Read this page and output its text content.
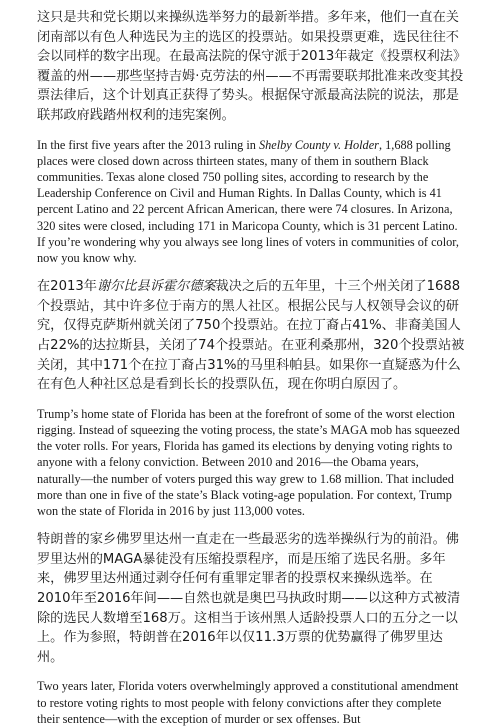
这只是共和党长期以来操纵选举努力的最新举措。多年来，他们一直在关闭南部以有色人种选民为主的选区的投票站。如果投票更难，选民往往不会以同样的数字出现。在最高法院的保守派于2013年裁定《投票权利法》覆盖的州——那些坚持吉姆·克劳法的州——不再需要联邦批准来改变其投票法律后，这个计划真正获得了势头。根据保守派最高法院的说法，那是联邦政府践踏州权利的违宪案例。

In the first five years after the 2013 ruling in Shelby County v. Holder, 1,688 polling places were closed down across thirteen states, many of them in southern Black communities. Texas alone closed 750 polling sites, according to research by the Leadership Conference on Civil and Human Rights. In Dallas County, which is 41 percent Latino and 22 percent African American, there were 74 closures. In Arizona, 320 sites were closed, including 171 in Maricopa County, which is 31 percent Latino. If you’re wondering why you always see long lines of voters in communities of color, now you know why.

在2013年谢尔比县诉霍尔德案裁决之后的五年里，十三个州关闭了1688个投票站，其中许多位于南方的黑人社区。根据公民与人权领导会议的研究，仅得克萨斯州就关闭了750个投票站。在拉丁裔占41%、非裔美国人占22%的达拉斯县，关闭了74个投票站。在亚利桑那州，320个投票站被关闭，其中171个在拉丁裔占31%的马里科帕县。如果你一直疑惑为什么在有色人种社区总是看到长长的投票队伍，现在你明白原因了。

Trump’s home state of Florida has been at the forefront of some of the worst election rigging. Instead of squeezing the voting process, the state’s MAGA mob has squeezed the voter rolls. For years, Florida has gamed its elections by denying voting rights to anyone with a felony conviction. Between 2010 and 2016—the Obama years, naturally—the number of voters purged this way grew to 1.68 million. That included more than one in five of the state’s Black voting-age population. For context, Trump won the state of Florida in 2016 by just 113,000 votes.

特朗普的家乡佛罗里达州一直走在一些最恶劣的选举操纵行为的前沿。佛罗里达州的MAGA暴徒没有压缩投票程序，而是压缩了选民名册。多年来，佛罗里达州通过剥夺任何有重罪定罪者的投票权来操纵选举。在2010年至2016年间——自然也就是奥巴马执政时期——以这种方式被清除的选民人数增至168万。这相当于该州黑人适龄投票人口的五分之一以上。作为参照，特朗普在2016年以仅11.3万票的优势赢得了佛罗里达州。

Two years later, Florida voters overwhelmingly approved a constitutional amendment to restore voting rights to most people with felony convictions after they complete their sentence—with the exception of murder or sex offenses. But
